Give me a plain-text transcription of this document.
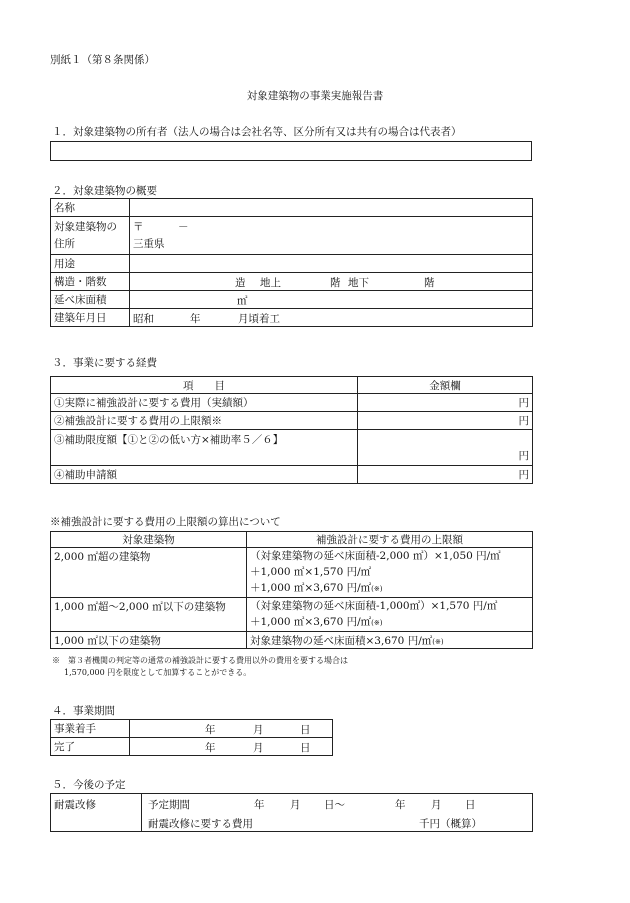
別紙１（第８条関係）
対象建築物の事業実施報告書
１．対象建築物の所有者（法人の場合は会社名等、区分所有又は共有の場合は代表者）
２．対象建築物の概要
名称	
対象建築物の
住所	〒 －

三重県
用途	
構造・階数	造 地上 階 地下 階

延べ床面積	㎡

建築年月日	昭和 年 月頃着工
３．事業に要する経費
項　　目	金額欄
①実際に補強設計に要する費用（実績額）	円
②補強設計に要する費用の上限額※	円
③補助限度額【①と②の低い方×補助率５／６】	円
④補助申請額	円
※補強設計に要する費用の上限額の算出について
対象建築物	補強設計に要する費用の上限額
2,000 ㎡超の建築物	（対象建築物の延べ床面積-2,000 ㎡）×1,050 円/㎡
＋1,000 ㎡×1,570 円/㎡
＋1,000 ㎡×3,670 円/㎡(※)
1,000 ㎡超～2,000 ㎡以下の建築物	（対象建築物の延べ床面積-1,000㎡）×1,570 円/㎡
＋1,000 ㎡×3,670 円/㎡(※)
1,000 ㎡以下の建築物	対象建築物の延べ床面積×3,670 円/㎡(※)
※　第３者機関の判定等の通常の補強設計に要する費用以外の費用を要する場合は
1,570,000 円を限度として加算することができる。
４．事業期間
事業着手	年 月 日

完了	年 月 日
５．今後の予定
耐震改修	予定期間	年 月 日～	年 月 日
耐震改修に要する費用	千円（概算）
